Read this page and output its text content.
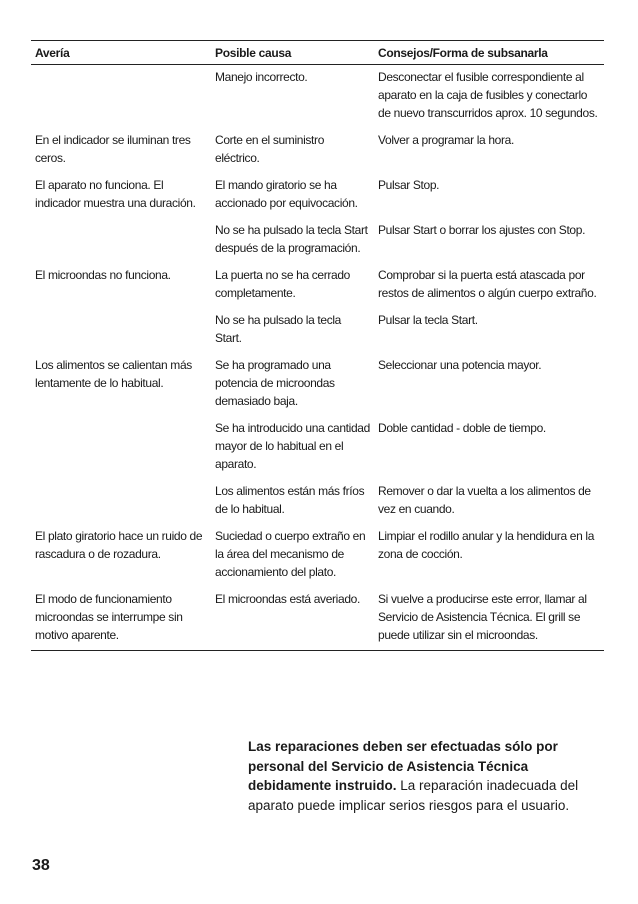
Avería	Posible causa	Consejos/Forma de subsanarla
	Manejo incorrecto.	Desconectar el fusible correspondiente al aparato en la caja de fusibles y conectarlo de nuevo transcurridos aprox. 10 segundos.
En el indicador se iluminan tres ceros.	Corte en el suministro eléctrico.	Volver a programar la hora.
El aparato no funciona. El indicador muestra una duración.	El mando giratorio se ha accionado por equivocación.	Pulsar Stop.
	No se ha pulsado la tecla Start después de la programación.	Pulsar Start o borrar los ajustes con Stop.
El microondas no funciona.	La puerta no se ha cerrado completamente.	Comprobar si la puerta está atascada por restos de alimentos o algún cuerpo extraño.
	No se ha pulsado la tecla Start.	Pulsar la tecla Start.
Los alimentos se calientan más lentamente de lo habitual.	Se ha programado una potencia de microondas demasiado baja.	Seleccionar una potencia mayor.
	Se ha introducido una cantidad mayor de lo habitual en el aparato.	Doble cantidad - doble de tiempo.
	Los alimentos están más fríos de lo habitual.	Remover o dar la vuelta a los alimentos de vez en cuando.
El plato giratorio hace un ruido de rascadura o de rozadura.	Suciedad o cuerpo extraño en la área del mecanismo de accionamiento del plato.	Limpiar el rodillo anular y la hendidura en la zona de cocción.
El modo de funcionamiento microondas se interrumpe sin motivo aparente.	El microondas está averiado.	Si vuelve a producirse este error, llamar al Servicio de Asistencia Técnica. El grill se puede utilizar sin el microondas.

Las reparaciones deben ser efectuadas sólo por personal del Servicio de Asistencia Técnica debidamente instruido. La reparación inadecuada del aparato puede implicar serios riesgos para el usuario.

38
